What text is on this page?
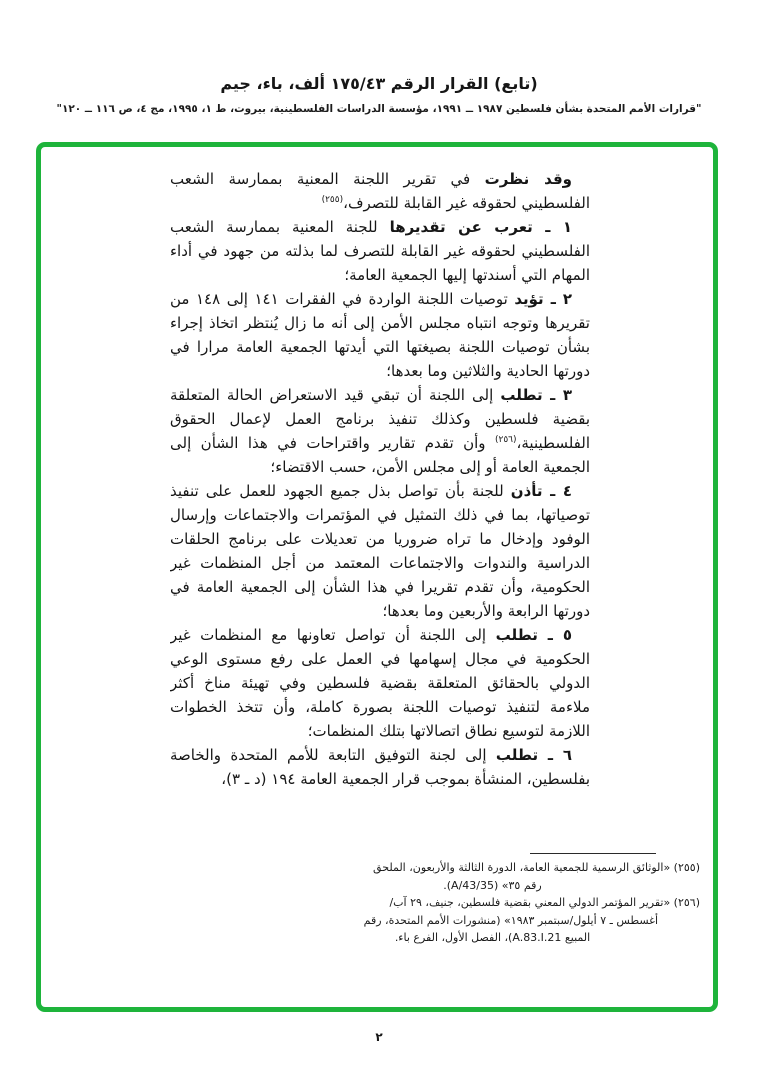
(تابع) القرار الرقم ١٧٥/٤٣ ألف، باء، جيم
"قرارات الأمم المتحدة بشأن فلسطين ١٩٨٧ ــ ١٩٩١، مؤسسة الدراسات الفلسطينية، بيروت، ط ١، ١٩٩٥، مج ٤، ص ١١٦ ــ ١٢٠"

وقد نظرت في تقرير اللجنة المعنية بممارسة الشعب الفلسطيني لحقوقه غير القابلة للتصرف،$^{(٢٥٥)}$

١ ـ تعرب عن تقديرها للجنة المعنية بممارسة الشعب الفلسطيني لحقوقه غير القابلة للتصرف لما بذلته من جهود في أداء المهام التي أسندتها إليها الجمعية العامة؛

٢ ـ تؤيد توصيات اللجنة الواردة في الفقرات ١٤١ إلى ١٤٨ من تقريرها وتوجه انتباه مجلس الأمن إلى أنه ما زال يُنتظر اتخاذ إجراء بشأن توصيات اللجنة بصيغتها التي أيدتها الجمعية العامة مرارا في دورتها الحادية والثلاثين وما بعدها؛

٣ ـ تطلب إلى اللجنة أن تبقي قيد الاستعراض الحالة المتعلقة بقضية فلسطين وكذلك تنفيذ برنامج العمل لإعمال الحقوق الفلسطينية،$^{(٢٥٦)}$ وأن تقدم تقارير واقتراحات في هذا الشأن إلى الجمعية العامة أو إلى مجلس الأمن، حسب الاقتضاء؛

٤ ـ تأذن للجنة بأن تواصل بذل جميع الجهود للعمل على تنفيذ توصياتها، بما في ذلك التمثيل في المؤتمرات والاجتماعات وإرسال الوفود وإدخال ما تراه ضروريا من تعديلات على برنامج الحلقات الدراسية والندوات والاجتماعات المعتمد من أجل المنظمات غير الحكومية، وأن تقدم تقريرا في هذا الشأن إلى الجمعية العامة في دورتها الرابعة والأربعين وما بعدها؛

٥ ـ تطلب إلى اللجنة أن تواصل تعاونها مع المنظمات غير الحكومية في مجال إسهامها في العمل على رفع مستوى الوعي الدولي بالحقائق المتعلقة بقضية فلسطين وفي تهيئة مناخ أكثر ملاءمة لتنفيذ توصيات اللجنة بصورة كاملة، وأن تتخذ الخطوات اللازمة لتوسيع نطاق اتصالاتها بتلك المنظمات؛

٦ ـ تطلب إلى لجنة التوفيق التابعة للأمم المتحدة والخاصة بفلسطين، المنشأة بموجب قرار الجمعية العامة ١٩٤ (د ـ ٣)،

(٢٥٥) «الوثائق الرسمية للجمعية العامة، الدورة الثالثة والأربعون، الملحق
رقم ٣٥» (A/43/35).
(٢٥٦) «تقرير المؤتمر الدولي المعني بقضية فلسطين، جنيف، ٢٩ آب/
أغسطس ـ ٧ أيلول/سبتمبر ١٩٨٣» (منشورات الأمم المتحدة، رقم
المبيع A.83.I.21)، الفصل الأول، الفرع باء.
٢
